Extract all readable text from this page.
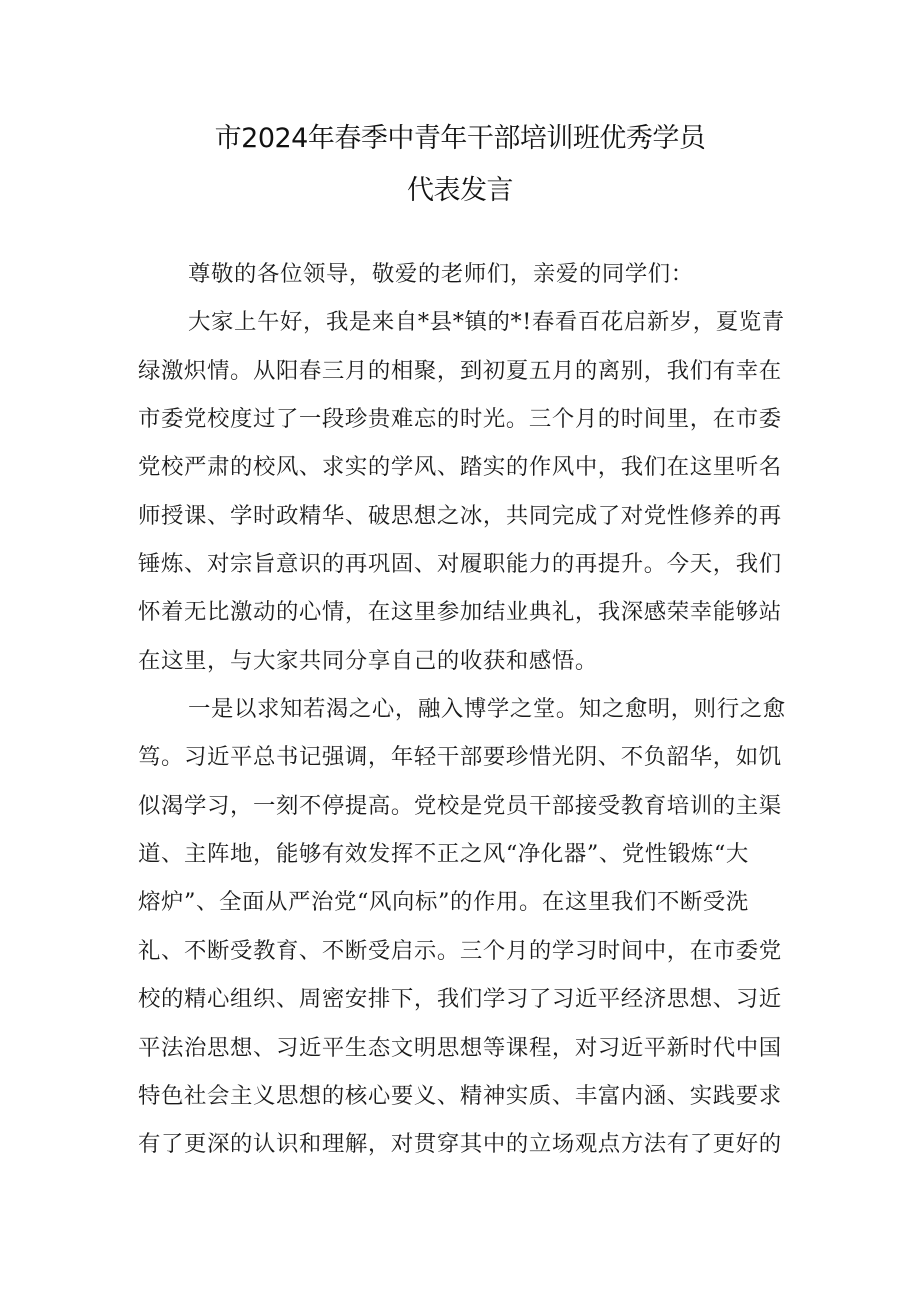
市2024年春季中青年干部培训班优秀学员
代表发言
尊敬的各位领导，敬爱的老师们，亲爱的同学们：
大家上午好，我是来自*县*镇的*!春看百花启新岁，夏览青
绿激炽情。从阳春三月的相聚，到初夏五月的离别，我们有幸在
市委党校度过了一段珍贵难忘的时光。三个月的时间里，在市委
党校严肃的校风、求实的学风、踏实的作风中，我们在这里听名
师授课、学时政精华、破思想之冰，共同完成了对党性修养的再
锤炼、对宗旨意识的再巩固、对履职能力的再提升。今天，我们
怀着无比激动的心情，在这里参加结业典礼，我深感荣幸能够站
在这里，与大家共同分享自己的收获和感悟。
一是以求知若渴之心，融入博学之堂。知之愈明，则行之愈
笃。习近平总书记强调，年轻干部要珍惜光阴、不负韶华，如饥
似渴学习，一刻不停提高。党校是党员干部接受教育培训的主渠
道、主阵地，能够有效发挥不正之风“净化器”、党性锻炼“大
熔炉”、全面从严治党“风向标”的作用。在这里我们不断受洗
礼、不断受教育、不断受启示。三个月的学习时间中，在市委党
校的精心组织、周密安排下，我们学习了习近平经济思想、习近
平法治思想、习近平生态文明思想等课程，对习近平新时代中国
特色社会主义思想的核心要义、精神实质、丰富内涵、实践要求
有了更深的认识和理解，对贯穿其中的立场观点方法有了更好的
